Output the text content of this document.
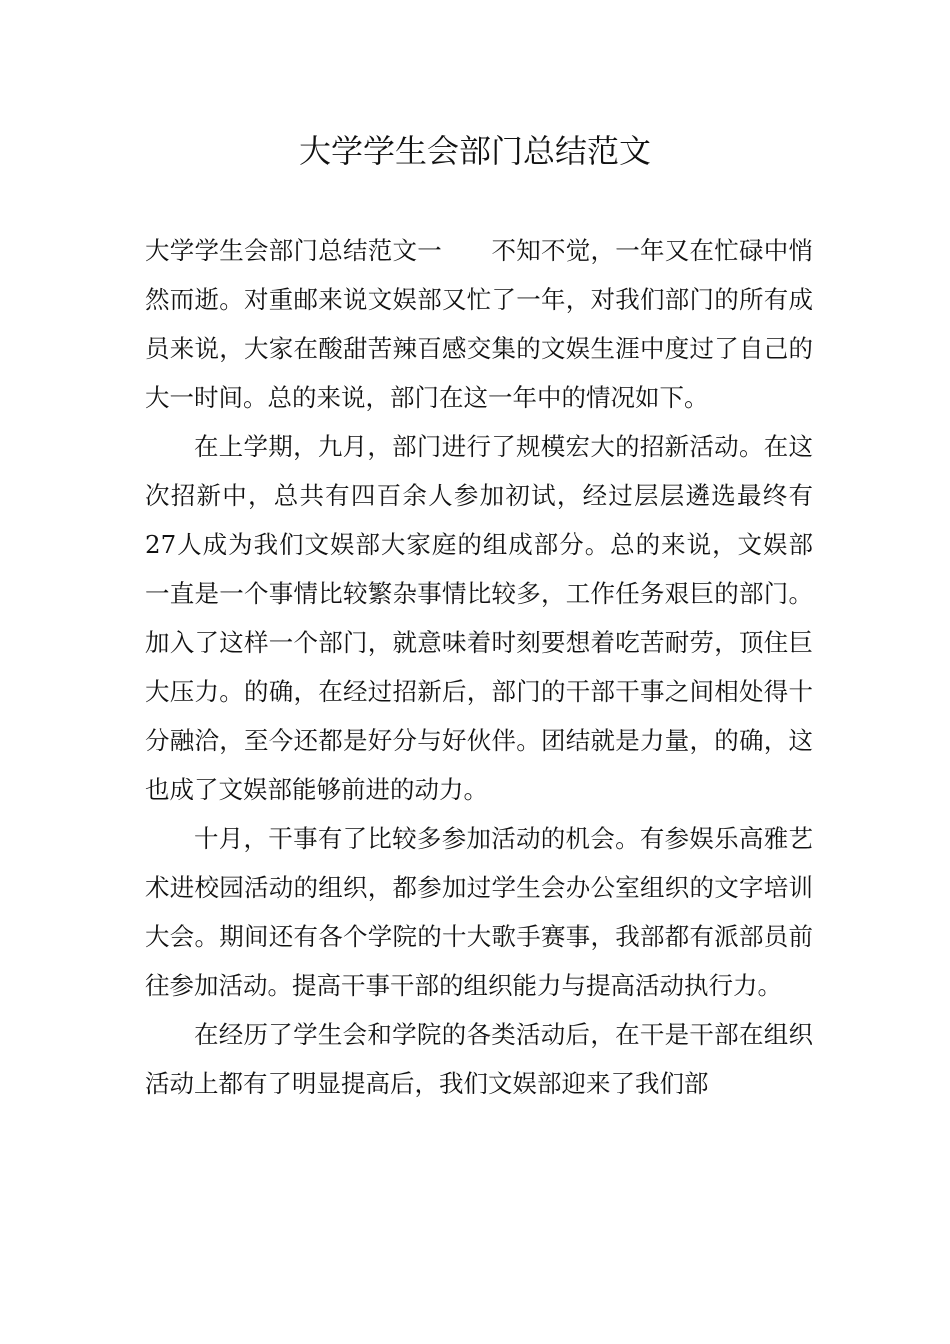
大学学生会部门总结范文

大学学生会部门总结范文一　　不知不觉，一年又在忙碌中悄然而逝。对重邮来说文娱部又忙了一年，对我们部门的所有成员来说，大家在酸甜苦辣百感交集的文娱生涯中度过了自己的大一时间。总的来说，部门在这一年中的情况如下。

在上学期，九月，部门进行了规模宏大的招新活动。在这次招新中，总共有四百余人参加初试，经过层层遴选最终有27人成为我们文娱部大家庭的组成部分。总的来说，文娱部一直是一个事情比较繁杂事情比较多，工作任务艰巨的部门。加入了这样一个部门，就意味着时刻要想着吃苦耐劳，顶住巨大压力。的确，在经过招新后，部门的干部干事之间相处得十分融洽，至今还都是好分与好伙伴。团结就是力量，的确，这也成了文娱部能够前进的动力。

十月，干事有了比较多参加活动的机会。有参娱乐高雅艺术进校园活动的组织，都参加过学生会办公室组织的文字培训大会。期间还有各个学院的十大歌手赛事，我部都有派部员前往参加活动。提高干事干部的组织能力与提高活动执行力。

在经历了学生会和学院的各类活动后，在干是干部在组织活动上都有了明显提高后，我们文娱部迎来了我们部
